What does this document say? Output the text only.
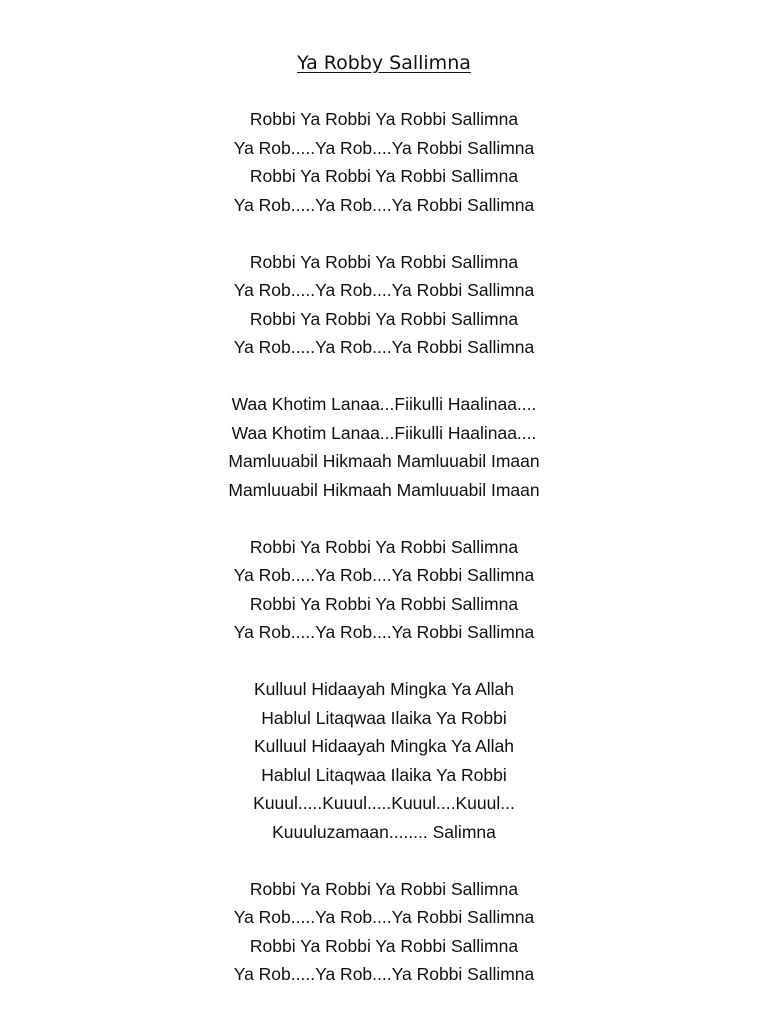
Ya Robby Sallimna
Robbi Ya Robbi Ya Robbi Sallimna
Ya Rob.....Ya Rob....Ya Robbi Sallimna
Robbi Ya Robbi Ya Robbi Sallimna
Ya Rob.....Ya Rob....Ya Robbi Sallimna
Robbi Ya Robbi Ya Robbi Sallimna
Ya Rob.....Ya Rob....Ya Robbi Sallimna
Robbi Ya Robbi Ya Robbi Sallimna
Ya Rob.....Ya Rob....Ya Robbi Sallimna
Waa Khotim Lanaa...Fiikulli Haalinaa....
Waa Khotim Lanaa...Fiikulli Haalinaa....
Mamluuabil Hikmaah Mamluuabil Imaan
Mamluuabil Hikmaah Mamluuabil Imaan
Robbi Ya Robbi Ya Robbi Sallimna
Ya Rob.....Ya Rob....Ya Robbi Sallimna
Robbi Ya Robbi Ya Robbi Sallimna
Ya Rob.....Ya Rob....Ya Robbi Sallimna
Kulluul Hidaayah Mingka Ya Allah
Hablul Litaqwaa Ilaika Ya Robbi
Kulluul Hidaayah Mingka Ya Allah
Hablul Litaqwaa Ilaika Ya Robbi
Kuuul.....Kuuul.....Kuuul....Kuuul...
Kuuuluzamaan........ Salimna
Robbi Ya Robbi Ya Robbi Sallimna
Ya Rob.....Ya Rob....Ya Robbi Sallimna
Robbi Ya Robbi Ya Robbi Sallimna
Ya Rob.....Ya Rob....Ya Robbi Sallimna
